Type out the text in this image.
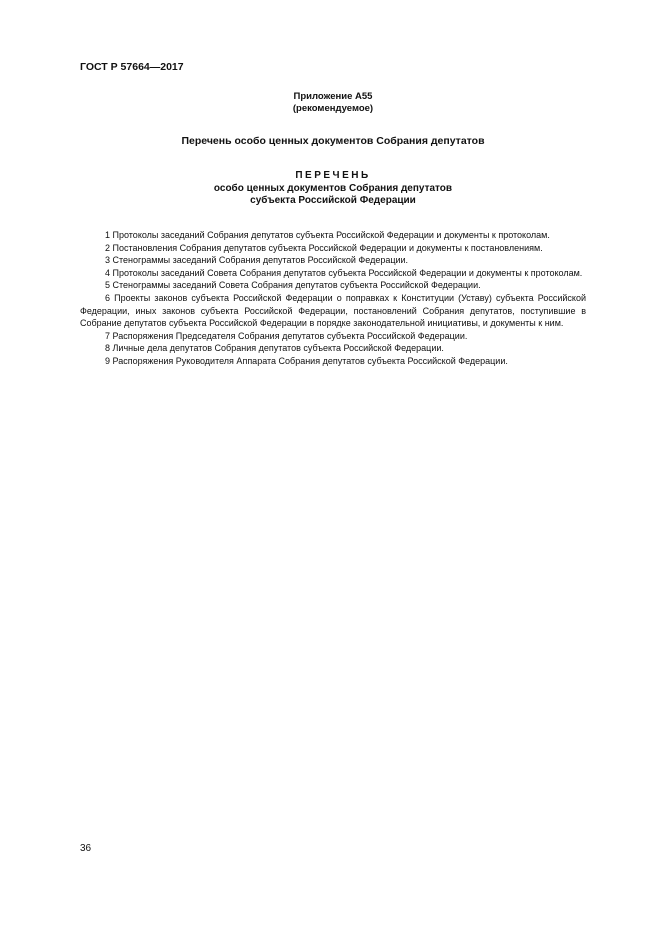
ГОСТ Р 57664—2017
Приложение А55
(рекомендуемое)
Перечень особо ценных документов Собрания депутатов
ПЕРЕЧЕНЬ
особо ценных документов Собрания депутатов
субъекта Российской Федерации

1 Протоколы заседаний Собрания депутатов субъекта Российской Федерации и документы к протоколам.

2 Постановления Собрания депутатов субъекта Российской Федерации и документы к постановлениям.

3 Стенограммы заседаний Собрания депутатов Российской Федерации.

4 Протоколы заседаний Совета Собрания депутатов субъекта Российской Федерации и документы к протоколам.

5 Стенограммы заседаний Совета Собрания депутатов субъекта Российской Федерации.

6 Проекты законов субъекта Российской Федерации о поправках к Конституции (Уставу) субъекта Российской Федерации, иных законов субъекта Российской Федерации, постановлений Собрания депутатов, поступившие в Собрание депутатов субъекта Российской Федерации в порядке законодательной инициативы, и документы к ним.

7 Распоряжения Председателя Собрания депутатов субъекта Российской Федерации.

8 Личные дела депутатов Собрания депутатов субъекта Российской Федерации.

9 Распоряжения Руководителя Аппарата Собрания депутатов субъекта Российской Федерации.

36
